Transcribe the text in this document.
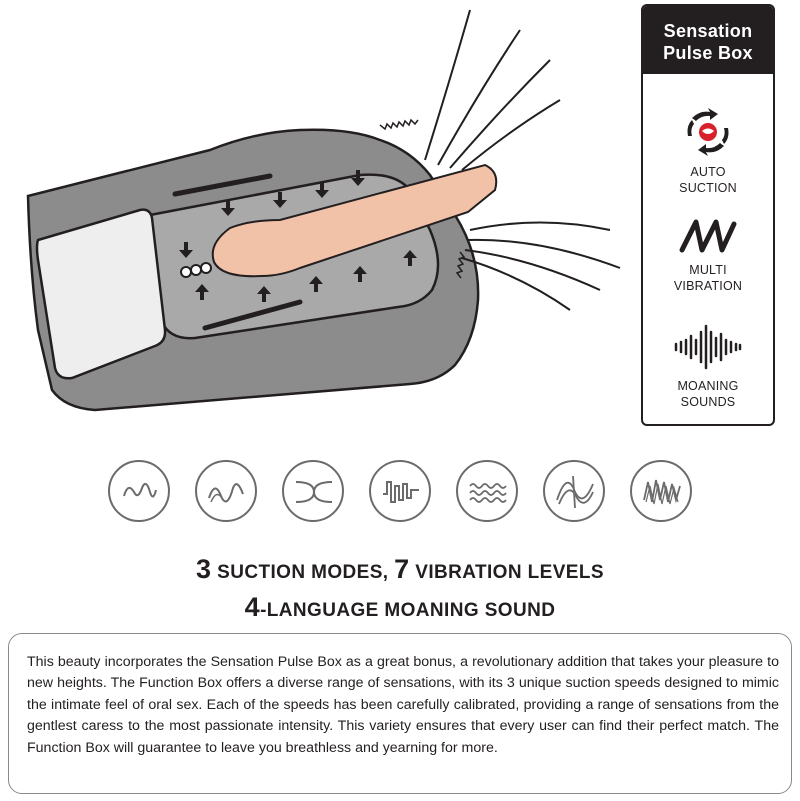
Sensation
Pulse Box
AUTO
SUCTION
MULTI
VIBRATION
MOANING
SOUNDS
3 SUCTION MODES, 7 VIBRATION LEVELS
4-LANGUAGE MOANING SOUND
This beauty incorporates the Sensation Pulse Box as a great bonus, a revolutionary addition that takes your pleasure to new heights. The Function Box offers a diverse range of sensations, with its 3 unique suction speeds designed to mimic the intimate feel of oral sex. Each of the speeds has been carefully calibrated, providing a range of sensations from the gentlest caress to the most passionate intensity. This variety ensures that every user can find their perfect match. The Function Box will guarantee to leave you breathless and yearning for more.
